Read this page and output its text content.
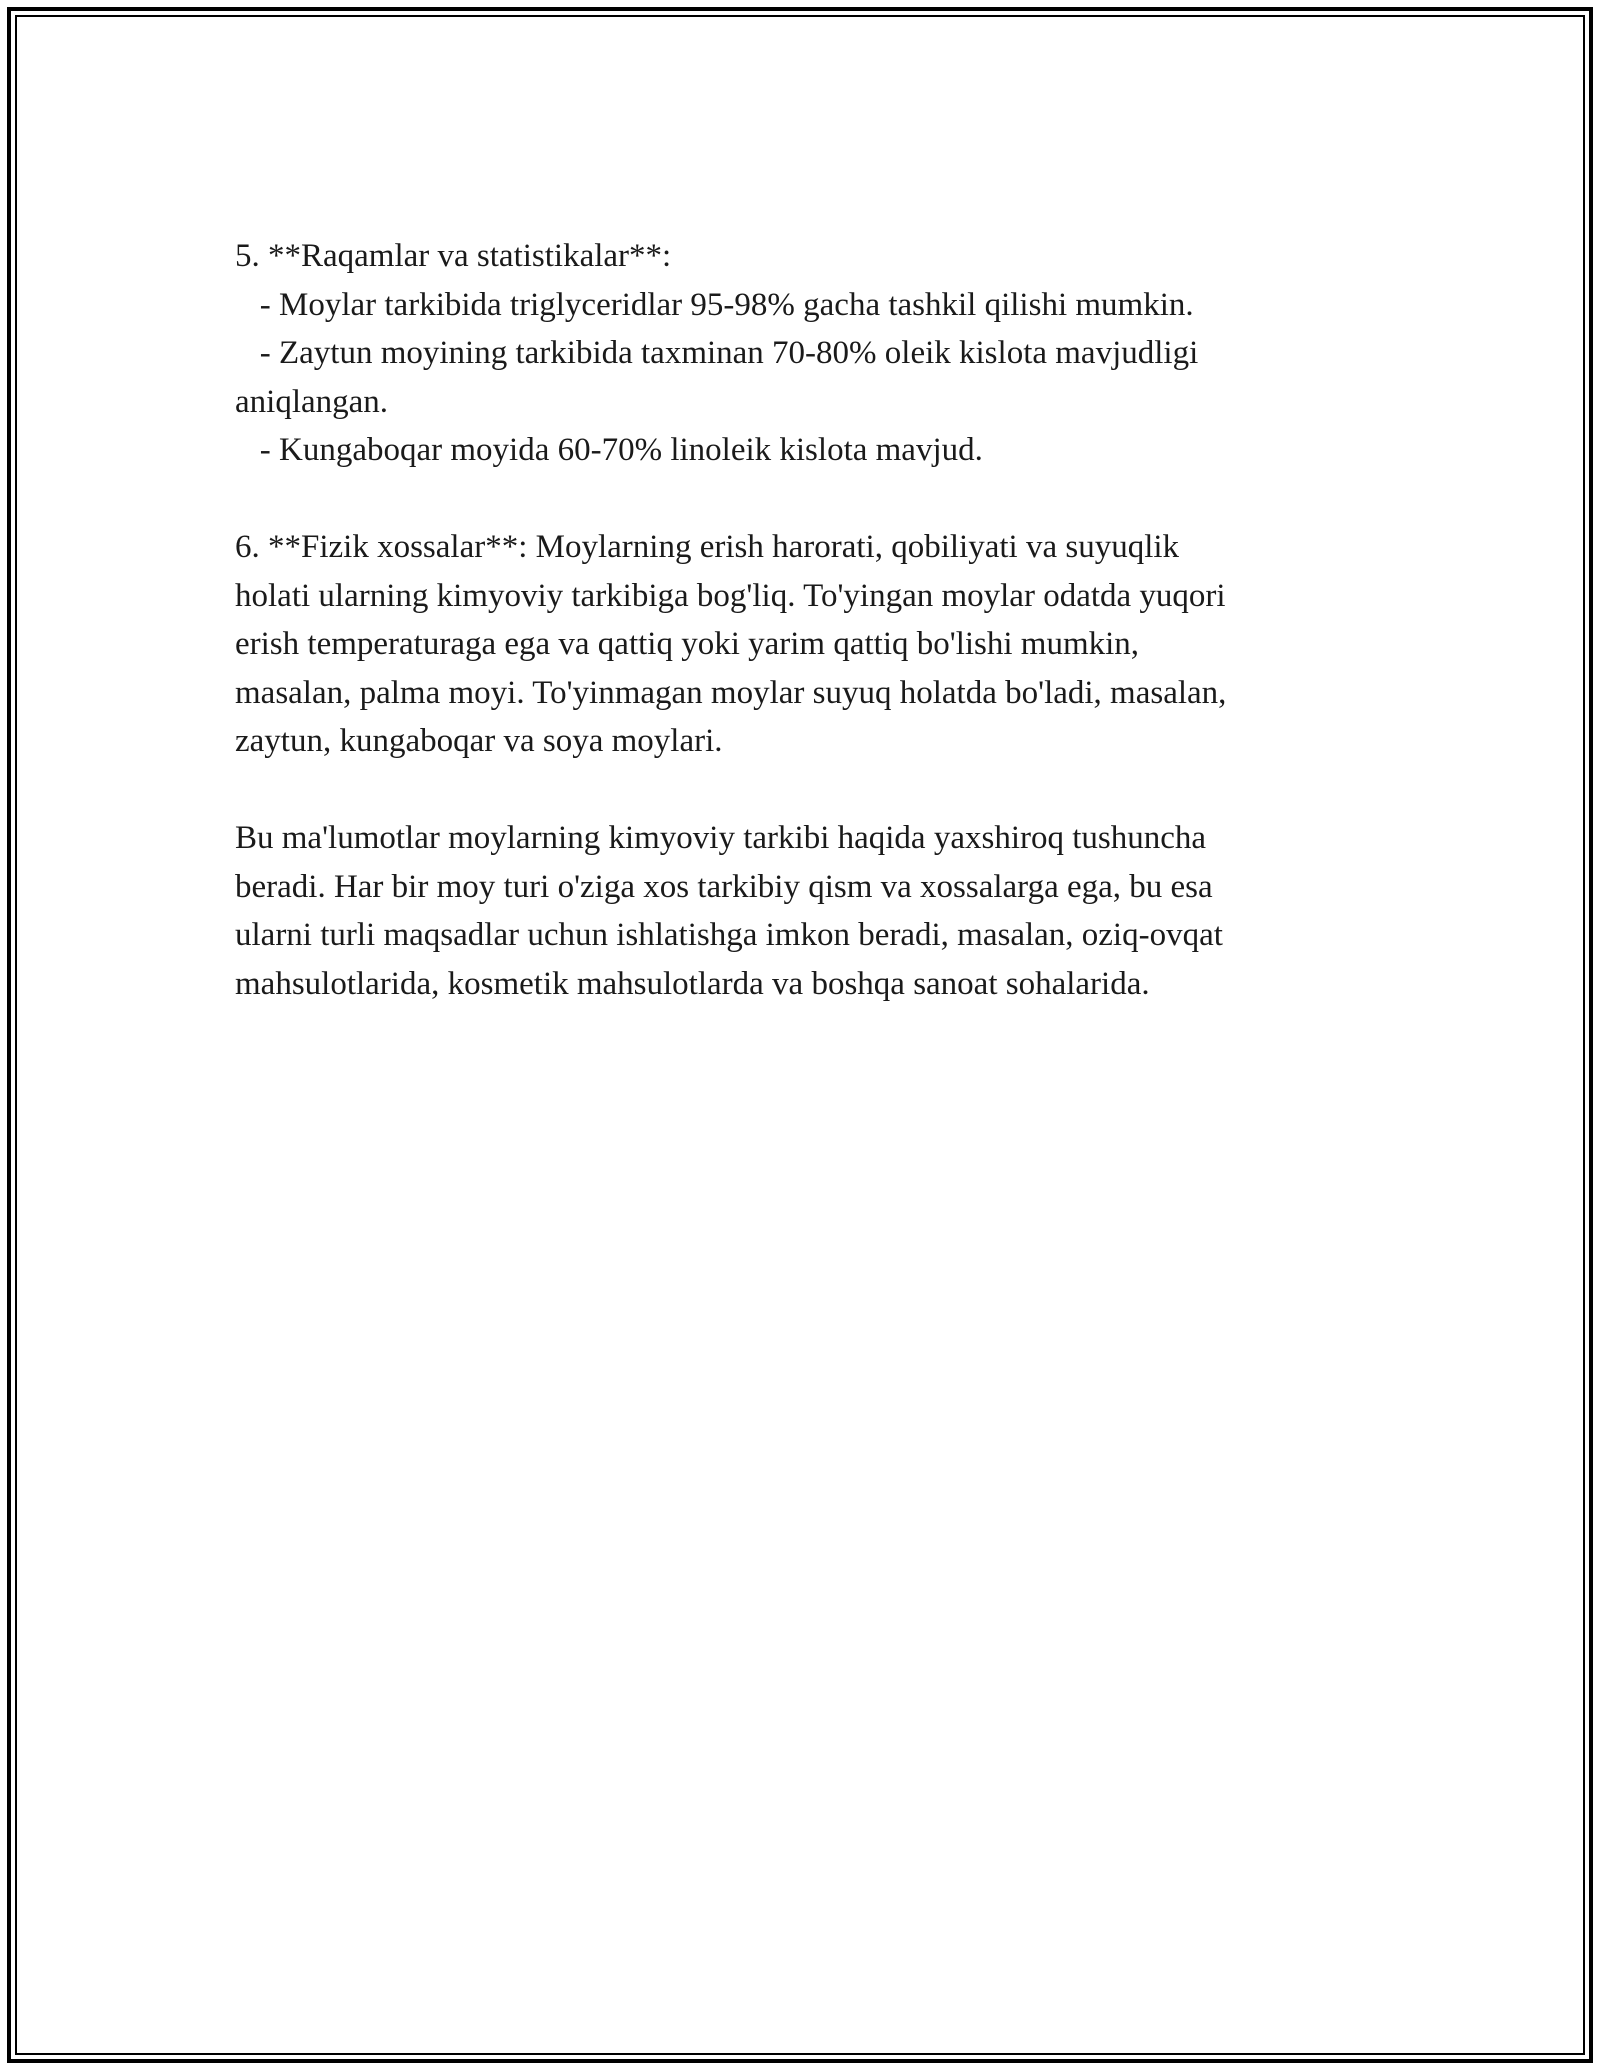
5. **Raqamlar va statistikalar**:

- Moylar tarkibida triglyceridlar 95-98% gacha tashkil qilishi mumkin.

- Zaytun moyining tarkibida taxminan 70-80% oleik kislota mavjudligi

aniqlangan.

- Kungaboqar moyida 60-70% linoleik kislota mavjud.

6. **Fizik xossalar**: Moylarning erish harorati, qobiliyati va suyuqlik

holati ularning kimyoviy tarkibiga bog'liq. To'yingan moylar odatda yuqori

erish temperaturaga ega va qattiq yoki yarim qattiq bo'lishi mumkin,

masalan, palma moyi. To'yinmagan moylar suyuq holatda bo'ladi, masalan,

zaytun, kungaboqar va soya moylari.

Bu ma'lumotlar moylarning kimyoviy tarkibi haqida yaxshiroq tushuncha

beradi. Har bir moy turi o'ziga xos tarkibiy qism va xossalarga ega, bu esa

ularni turli maqsadlar uchun ishlatishga imkon beradi, masalan, oziq-ovqat

mahsulotlarida, kosmetik mahsulotlarda va boshqa sanoat sohalarida.
